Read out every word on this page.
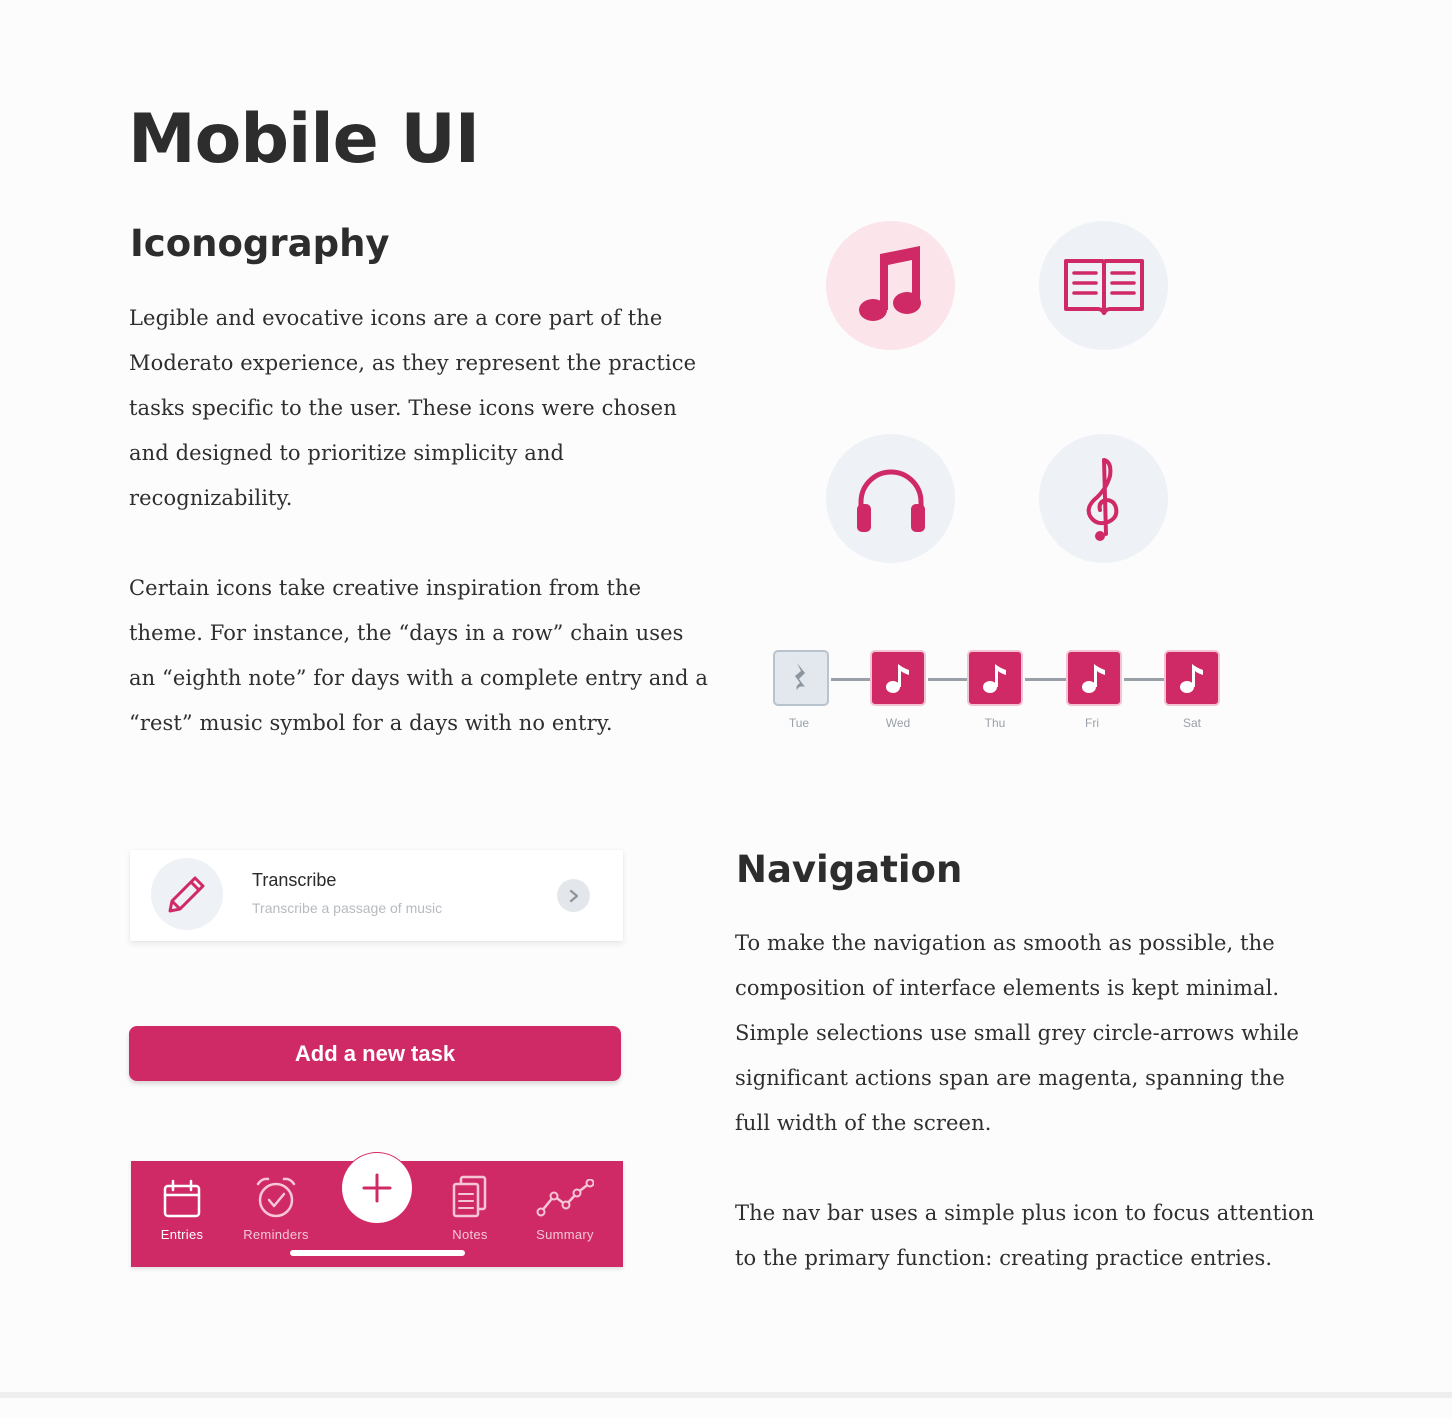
Mobile UI
Iconography

Legible and evocative icons are a core part of the

Moderato experience, as they represent the practice

tasks specific to the user. These icons were chosen

and designed to prioritize simplicity and

recognizability.

Certain icons take creative inspiration from the

theme. For instance, the “days in a row” chain uses

an “eighth note” for days with a complete entry and a

“rest” music symbol for a days with no entry.	Tue	Wed	Thu	Fri	Sat
Transcribe
Transcribe a passage of music
Add a new task
Entries	Reminders	Notes	Summary
Navigation

To make the navigation as smooth as possible, the

composition of interface elements is kept minimal.

Simple selections use small grey circle-arrows while

significant actions span are magenta, spanning the

full width of the screen.

The nav bar uses a simple plus icon to focus attention

to the primary function: creating practice entries.
